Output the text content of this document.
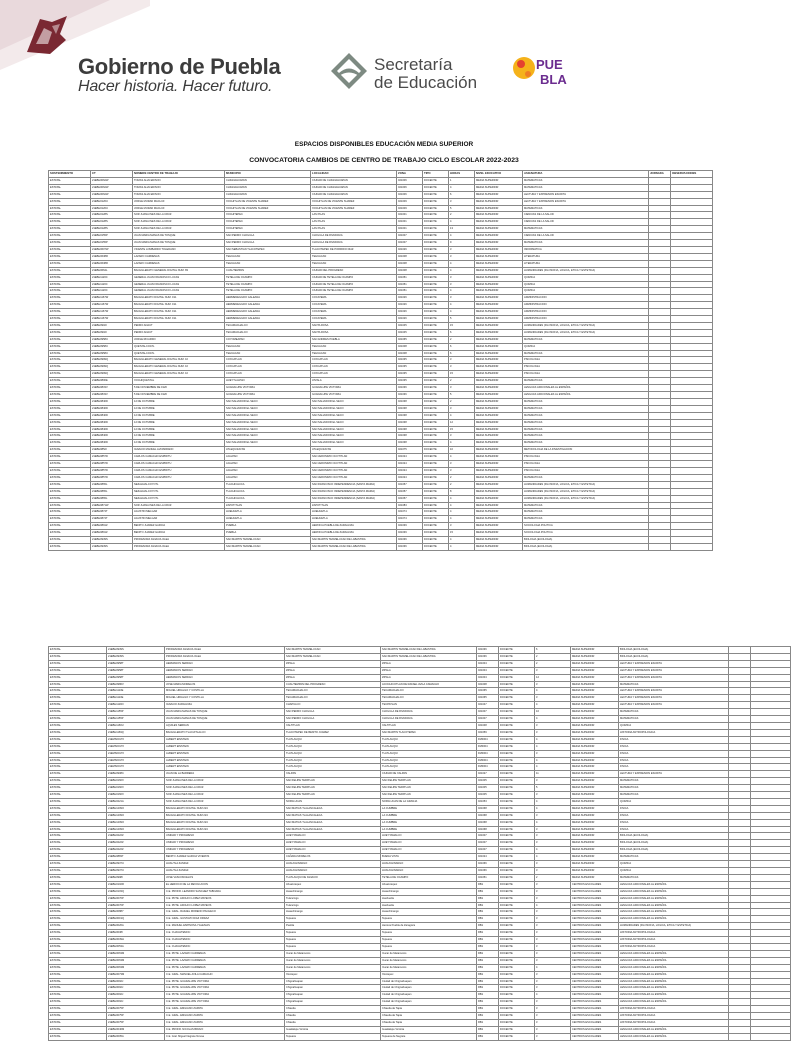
Gobierno de Puebla
Hacer historia. Hacer futuro.
Secretaría
de Educación
PUE
BLA
ESPACIOS DISPONIBLES EDUCACIÓN MEDIA SUPERIOR
CONVOCATORIA CAMBIOS DE CENTRO DE TRABAJO CICLO ESCOLAR 2022-2023
SOSTENIMIENTO	CT	NOMBRE CENTRO DE TRABAJO	MUNICIPIO	LOCALIDAD	ZONA	TIPO	HORAS	NIVEL EDUCATIVO	ASIGNATURA	JORNADA	OBSERVACIONES
ESTATAL	21EBH0062W	TOMAS ALVA EDISON	CHIGNAHUAPAN	CIUDAD DE CHIGNAHUAPAN	021006	DOCENTE	1	MEDIA SUPERIOR	MATEMATICAS		
ESTATAL	21EBH0062W	TOMAS ALVA EDISON	CHIGNAHUAPAN	CIUDAD DE CHIGNAHUAPAN	021006	DOCENTE	4	MEDIA SUPERIOR	MATEMATICAS		
ESTATAL	21EBH0062W	TOMAS ALVA EDISON	CHIGNAHUAPAN	CIUDAD DE CHIGNAHUAPAN	021006	DOCENTE	6	MEDIA SUPERIOR	LECTURA Y EXPRESION ESCRITA		
ESTATAL	21EBH0126U	JORGE MURAD MACLUF	XOCHITLAN DE VICENTE SUAREZ	XOCHITLAN DE VICENTE SUAREZ	021009	DOCENTE	3	MEDIA SUPERIOR	LECTURA Y EXPRESION ESCRITA		
ESTATAL	21EBH0126U	JORGE MURAD MACLUF	XOCHITLAN DE VICENTE SUAREZ	XOCHITLAN DE VICENTE SUAREZ	021009	DOCENTE	5	MEDIA SUPERIOR	MATEMATICAS		
ESTATAL	21EBH0128S	SOR JUANA INES DE LA CRUZ	XOCHITEPEC	LAS PILAS	021001	DOCENTE	2	MEDIA SUPERIOR	CIENCIAS DE LA SALUD		
ESTATAL	21EBH0128S	SOR JUANA INES DE LA CRUZ	XOCHITEPEC	LAS PILAS	021001	DOCENTE	4	MEDIA SUPERIOR	CIENCIAS DE LA SALUD		
ESTATAL	21EBH0128S	SOR JUANA INES DE LA CRUZ	XOCHITEPEC	LAS PILAS	021001	DOCENTE	13	MEDIA SUPERIOR	MATEMATICAS		
ESTATAL	21EBH0155P	JUAN MARIA MANAS DE TOSQUE	SAN PEDRO CHOLULA	CHOLULA DE RIVADAVIA	021007	DOCENTE	4	MEDIA SUPERIOR	CIENCIAS DE LA SALUD		
ESTATAL	21EBH0155P	JUAN MARIA MANAS DE TOSQUE	SAN PEDRO CHOLULA	CHOLULA DE RIVADAVIA	021007	DOCENTE	9	MEDIA SUPERIOR	MATEMATICAS		
ESTATAL	21EBH0607W	VICENTE LOMBARDO TOLEDANO	SAN SEBASTIAN TLACOTEPEC	TLACOTEPEC DE PORFIRIO DIAZ	021026	DOCENTE	3	MEDIA SUPERIOR	INFORMATICA		
ESTATAL	21EBH0638R	LAZARO CARDENAS	TEHUACAN	TEHUACAN	021008	DOCENTE	3	MEDIA SUPERIOR	LITERATURA		
ESTATAL	21EBH0638R	LAZARO CARDENAS	TEHUACAN	TEHUACAN	021008	DOCENTE	4	MEDIA SUPERIOR	LITERATURA		
ESTATAL	21EBH0664L	BACHILLERATO GENERAL DIGITAL NUM. 83	CUAUTEMPAN	CIUDAD DEL PROGRESO	021008	DOCENTE	4	MEDIA SUPERIOR	HUMANIDADES (FILOSOFIA, LOGICA, ETICA Y ESTETICA)		
ESTATAL	21EBH1120C	GENERAL JUAN FRANCISCO LUCAS	TETELA DE OCAMPO	CIUDAD DE TETELA DE OCAMPO	021051	DOCENTE	3	MEDIA SUPERIOR	QUIMICA		
ESTATAL	21EBH1120C	GENERAL JUAN FRANCISCO LUCAS	TETELA DE OCAMPO	CIUDAD DE TETELA DE OCAMPO	021051	DOCENTE	3	MEDIA SUPERIOR	QUIMICA		
ESTATAL	21EBH1120C	GENERAL JUAN FRANCISCO LUCAS	TETELA DE OCAMPO	CIUDAD DE TETELA DE OCAMPO	021051	DOCENTE	4	MEDIA SUPERIOR	QUIMICA		
ESTATAL	21EBH1167W	BACHILLERATO DIGITAL NUM. 191	HERMENEGILDO GALEANA	COCATEMA	021026	DOCENTE	3	MEDIA SUPERIOR	ADMINISTRACION		
ESTATAL	21EBH1167W	BACHILLERATO DIGITAL NUM. 191	HERMENEGILDO GALEANA	COCATEMA	021026	DOCENTE	4	MEDIA SUPERIOR	ADMINISTRACION		
ESTATAL	21EBH1167W	BACHILLERATO DIGITAL NUM. 191	HERMENEGILDO GALEANA	COCATEMA	021026	DOCENTE	4	MEDIA SUPERIOR	ADMINISTRACION		
ESTATAL	21EBH1167W	BACHILLERATO DIGITAL NUM. 191	HERMENEGILDO GALEANA	COCATEMA	021026	DOCENTE	5	MEDIA SUPERIOR	ADMINISTRACION		
ESTATAL	21EBH0902I	PEDRO ANAUT	TECAMACHALCO	SANTA ROSA	021045	DOCENTE	15	MEDIA SUPERIOR	HUMANIDADES (FILOSOFIA, LOGICA, ETICA Y ESTETICA)		
ESTATAL	21EBH0902I	PEDRO ANAUT	TECAMACHALCO	SANTA ROSA	021045	DOCENTE	6	MEDIA SUPERIOR	HUMANIDADES (FILOSOFIA, LOGICA, ETICA Y ESTETICA)		
ESTATAL	21EBH0958U	JORGE RICARDO	COYOMEAPAN	SAN ANDRES PUEBLA	021065	DOCENTE	2	MEDIA SUPERIOR	MATEMATICAS		
ESTATAL	21EBH0958U	QUETZALCOATL	TEHUACAN	TEHUACAN	021008	DOCENTE	6	MEDIA SUPERIOR	QUIMICA		
ESTATAL	21EBH0958U	QUETZALCOATL	TEHUACAN	TEHUACAN	021008	DOCENTE	6	MEDIA SUPERIOR	MATEMATICAS		
ESTATAL	21EBH0999Q	BACHILLERATO GENERAL DIGITAL NUM. 10	COXCATLAN	COXCATLAN	021035	DOCENTE	3	MEDIA SUPERIOR	PSICOLOGIA		
ESTATAL	21EBH0999Q	BACHILLERATO GENERAL DIGITAL NUM. 10	COXCATLAN	COXCATLAN	021035	DOCENTE	3	MEDIA SUPERIOR	PSICOLOGIA		
ESTATAL	21EBH0999Q	BACHILLERATO GENERAL DIGITAL NUM. 10	COXCATLAN	COXCATLAN	021035	DOCENTE	15	MEDIA SUPERIOR	PSICOLOGIA		
ESTATAL	21EBH0800E	XOCHIQUETZAL	HUEYTLALPAN	ATZALA	021035	DOCENTE	2	MEDIA SUPERIOR	MATEMATICAS		
ESTATAL	21EBH0833V	5 DE NOVIEMBRE DE 1920	GUADALUPE VICTORIA	GUADALUPE VICTORIA	021036	DOCENTE	3	MEDIA SUPERIOR	LENGUAS ADICIONALES AL ESPAÑOL		
ESTATAL	21EBH0833V	5 DE NOVIEMBRE DE 1920	GUADALUPE VICTORIA	GUADALUPE VICTORIA	021036	DOCENTE	5	MEDIA SUPERIOR	LENGUAS ADICIONALES AL ESPAÑOL		
ESTATAL	21EBH0840D	12 DE OCTUBRE	SAN SALVADOR EL SECO	SAN SALVADOR EL SECO	021038	DOCENTE	2	MEDIA SUPERIOR	MATEMATICAS		
ESTATAL	21EBH0840D	12 DE OCTUBRE	SAN SALVADOR EL SECO	SAN SALVADOR EL SECO	021038	DOCENTE	3	MEDIA SUPERIOR	MATEMATICAS		
ESTATAL	21EBH0840D	12 DE OCTUBRE	SAN SALVADOR EL SECO	SAN SALVADOR EL SECO	021038	DOCENTE	4	MEDIA SUPERIOR	MATEMATICAS		
ESTATAL	21EBH0840D	12 DE OCTUBRE	SAN SALVADOR EL SECO	SAN SALVADOR EL SECO	021038	DOCENTE	12	MEDIA SUPERIOR	MATEMATICAS		
ESTATAL	21EBH0840D	12 DE OCTUBRE	SAN SALVADOR EL SECO	SAN SALVADOR EL SECO	021038	DOCENTE	15	MEDIA SUPERIOR	MATEMATICAS		
ESTATAL	21EBH0840D	12 DE OCTUBRE	SAN SALVADOR EL SECO	SAN SALVADOR EL SECO	021038	DOCENTE	3	MEDIA SUPERIOR	MATEMATICAS		
ESTATAL	21EBH0840D	12 DE OCTUBRE	SAN SALVADOR EL SECO	SAN SALVADOR EL SECO	021038	DOCENTE	4	MEDIA SUPERIOR	MATEMATICAS		
ESTATAL	21EBH0852I	IGNACIO MANUEL ALTAMIRANO	ATLEQUIZAYAN	ATLEQUIZAYAN	021075	DOCENTE	10	MEDIA SUPERIOR	METODOLOGIA DE LA INVESTIGACION		
ESTATAL	21EBH0857D	CARLOS CAMACHO ESPIRITU	AJALPAN	SAN JERONIMO OCOTITLAN	021024	DOCENTE	4	MEDIA SUPERIOR	PSICOLOGIA		
ESTATAL	21EBH0857D	CARLOS CAMACHO ESPIRITU	AJALPAN	SAN JERONIMO OCOTITLAN	021024	DOCENTE	3	MEDIA SUPERIOR	PSICOLOGIA		
ESTATAL	21EBH0857D	CARLOS CAMACHO ESPIRITU	AJALPAN	SAN JERONIMO OCOTITLAN	021024	DOCENTE	3	MEDIA SUPERIOR	PSICOLOGIA		
ESTATAL	21EBH0857D	CARLOS CAMACHO ESPIRITU	AJALPAN	SAN JERONIMO OCOTITLAN	021024	DOCENTE	2	MEDIA SUPERIOR	MATEMATICAS		
ESTATAL	21EBH0865L	NEZAHUALCOYOTL	TLACHICHUCA	SAN FRANCISCO INDEPENDENCIA (SANTA MARIA)	021057	DOCENTE	2	MEDIA SUPERIOR	HUMANIDADES (FILOSOFIA, LOGICA, ETICA Y ESTETICA)		
ESTATAL	21EBH0865L	NEZAHUALCOYOTL	TLACHICHUCA	SAN FRANCISCO INDEPENDENCIA (SANTA MARIA)	021057	DOCENTE	8	MEDIA SUPERIOR	HUMANIDADES (FILOSOFIA, LOGICA, ETICA Y ESTETICA)		
ESTATAL	21EBH0865L	NEZAHUALCOYOTL	TLACHICHUCA	SAN FRANCISCO INDEPENDENCIA (SANTA MARIA)	021057	DOCENTE	4	MEDIA SUPERIOR	HUMANIDADES (FILOSOFIA, LOGICA, ETICA Y ESTETICA)		
ESTATAL	21EBH0871W	SOR JUANA INES DE LA CRUZ	ZAPOTITLAN	ZAPOTITLAN	021083	DOCENTE	4	MEDIA SUPERIOR	MATEMATICAS		
ESTATAL	21EBH0874T	AGUSTIN MELGAR	HUEHUETLA	HUEHUETLA	021074	DOCENTE	4	MEDIA SUPERIOR	MATEMATICAS		
ESTATAL	21EBH0874T	AGUSTIN MELGAR	HUEHUETLA	HUEHUETLA	021074	DOCENTE	4	MEDIA SUPERIOR	MATEMATICAS		
ESTATAL	21EBH0891Z	BENITO JUAREZ GARCIA	PUEBLA	HEROICA PUEBLA DE ZARAGOZA	021039	DOCENTE	3	MEDIA SUPERIOR	SOCIOLOGIA POLITICA		
ESTATAL	21EBH0891Z	BENITO JUAREZ GARCIA	PUEBLA	HEROICA PUEBLA DE ZARAGOZA	021039	DOCENTE	15	MEDIA SUPERIOR	SOCIOLOGIA POLITICA		
ESTATAL	21EBH0939S	PROFESORA IGNACIA OLEA	SAN MARTIN TEXMELUCAN	SAN MARTIN TEXMELUCAN DE LABASTIDA	021036	DOCENTE	4	MEDIA SUPERIOR	BIOLOGIA (ECOLOGIA)		
ESTATAL	21EBH0939S	PROFESORA IGNACIA OLEA	SAN MARTIN TEXMELUCAN	SAN MARTIN TEXMELUCAN DE LABASTIDA	021036	DOCENTE	4	MEDIA SUPERIOR	BIOLOGIA (ECOLOGIA)		
ESTATAL	21EBH0939S	PROFESORA IGNACIA OLEA	SAN MARTIN TEXMELUCAN	SAN MARTIN TEXMELUCAN DE LABASTIDA	021036	DOCENTE	6	MEDIA SUPERIOR	BIOLOGIA (ECOLOGIA)		
ESTATAL	21EBH0939S	PROFESORA IGNACIA OLEA	SAN MARTIN TEXMELUCAN	SAN MARTIN TEXMELUCAN DE LABASTIDA	021036	DOCENTE	2	MEDIA SUPERIOR	BIOLOGIA (ECOLOGIA)		
ESTATAL	21EBH0958T	HERMANOS SERDAN	ZIPALA	ZIPALA	021004	DOCENTE	2	MEDIA SUPERIOR	LECTURA Y EXPRESION ESCRITA		
ESTATAL	21EBH0958T	HERMANOS SERDAN	ZIPALA	ZIPALA	021004	DOCENTE	3	MEDIA SUPERIOR	LECTURA Y EXPRESION ESCRITA		
ESTATAL	21EBH0958T	HERMANOS SERDAN	ZIPALA	ZIPALA	021004	DOCENTE	12	MEDIA SUPERIOR	LECTURA Y EXPRESION ESCRITA		
ESTATAL	21EBH0986V	JOSE MARIA MORELOS	CUAUTEMPAN DEL PROGRESO	ACOCHICOTLAN DE RAFAEL AVILA CAMACHO	021008	DOCENTE	3	MEDIA SUPERIOR	MATEMATICAS		
ESTATAL	21EBH1113E	MIGUEL HIDALGO Y COSTILLA	TECAMACHALCO	TECAMACHALCO	021065	DOCENTE	4	MEDIA SUPERIOR	LECTURA Y EXPRESION ESCRITA		
ESTATAL	21EBH1113E	MIGUEL HIDALGO Y COSTILLA	TECAMACHALCO	TECAMACHALCO	021065	DOCENTE	3	MEDIA SUPERIOR	LECTURA Y EXPRESION ESCRITA		
ESTATAL	21EBH1119O	IGNACIO ZARAGOZA	CHAPULCO	TECPATLAN	021047	DOCENTE	4	MEDIA SUPERIOR	LECTURA Y EXPRESION ESCRITA		
ESTATAL	21EBH1155P	JUAN MARIA MANAS DE TOSQUE	SAN PEDRO CHOLULA	CHOLULA DE RIVADAVIA	021007	DOCENTE	10	MEDIA SUPERIOR	MATEMATICAS		
ESTATAL	21EBH1155P	JUAN MARIA MANAS DE TOSQUE	SAN PEDRO CHOLULA	CHOLULA DE RIVADAVIA	021007	DOCENTE	4	MEDIA SUPERIOR	MATEMATICAS		
ESTATAL	21EBH1166U	AQUILES SERDAN	XALTITLAN	XALTITLAN	021048	DOCENTE	3	MEDIA SUPERIOR	QUIMICA		
ESTATAL	21EBH1169Q	BACHILLERATO TLACUITLALCO	TLACOTEPEC DE BENITO JUAREZ	SAN MARTIN TLACOTEPEC	021059	DOCENTE	3	MEDIA SUPERIOR	HISTORIA ANTROPOLOGICA		
ESTATAL	21EMS0017X	ALBERT EINSTEIN	TLATLAUQUI	TLATLAUQUI	FM0004	DOCENTE	4	MEDIA SUPERIOR	FISICA		
ESTATAL	21EMS0017X	ALBERT EINSTEIN	TLATLAUQUI	TLATLAUQUI	FM0004	DOCENTE	4	MEDIA SUPERIOR	FISICA		
ESTATAL	21EMS0017X	ALBERT EINSTEIN	TLATLAUQUI	TLATLAUQUI	FM0004	DOCENTE	3	MEDIA SUPERIOR	FISICA		
ESTATAL	21EMS0017X	ALBERT EINSTEIN	TLATLAUQUI	TLATLAUQUI	FM0004	DOCENTE	4	MEDIA SUPERIOR	FISICA		
ESTATAL	21EMS0017X	ALBERT EINSTEIN	TLATLAUQUI	TLATLAUQUI	FM0004	DOCENTE	4	MEDIA SUPERIOR	FISICA		
ESTATAL	21EBH0908C	JUAN DE LA BARRERA	XALPAN	CIUDAD DE XALPAN	021027	DOCENTE	11	MEDIA SUPERIOR	LECTURA Y EXPRESION ESCRITA		
ESTATAL	21EBH0160X	SOR JUANA INES DE LA CRUZ	SAN FELIPE TEPATLAN	SAN FELIPE TEPATLAN	021005	DOCENTE	3	MEDIA SUPERIOR	MATEMATICAS		
ESTATAL	21EBH0160X	SOR JUANA INES DE LA CRUZ	SAN FELIPE TEPATLAN	SAN FELIPE TEPATLAN	021005	DOCENTE	5	MEDIA SUPERIOR	MATEMATICAS		
ESTATAL	21EBH0160X	SOR JUANA INES DE LA CRUZ	SAN FELIPE TEPATLAN	SAN FELIPE TEPATLAN	021005	DOCENTE	3	MEDIA SUPERIOR	MATEMATICAS		
ESTATAL	21EBH0221A	SOR JUANA INES DE LA CRUZ	NOPALUCAN	NOPALUCAN DE LA GRANJA	021053	DOCENTE	4	MEDIA SUPERIOR	QUIMICA		
ESTATAL	21EBH1209O	BACHILLERATO DIGITAL NUM 224	SAN MATIAS TLALANCALECA	LA CUMBRE	021068	DOCENTE	4	MEDIA SUPERIOR	FISICA		
ESTATAL	21EBH1209O	BACHILLERATO DIGITAL NUM 224	SAN MATIAS TLALANCALECA	LA CUMBRE	021068	DOCENTE	3	MEDIA SUPERIOR	FISICA		
ESTATAL	21EBH1209O	BACHILLERATO DIGITAL NUM 224	SAN MATIAS TLALANCALECA	LA CUMBRE	021068	DOCENTE	4	MEDIA SUPERIOR	FISICA		
ESTATAL	21EBH1209O	BACHILLERATO DIGITAL NUM 224	SAN MATIAS TLALANCALECA	LA CUMBRE	021068	DOCENTE	3	MEDIA SUPERIOR	FISICA		
ESTATAL	21EBH0222Z	UNIDAD Y PROGRESO	HUEYTAMALCO	HUEYTAMALCO	021007	DOCENTE	3	MEDIA SUPERIOR	BIOLOGIA (ECOLOGIA)		
ESTATAL	21EBH0222Z	UNIDAD Y PROGRESO	HUEYTAMALCO	HUEYTAMALCO	021007	DOCENTE	3	MEDIA SUPERIOR	BIOLOGIA (ECOLOGIA)		
ESTATAL	21EBH0222Z	UNIDAD Y PROGRESO	HUEYTAMALCO	HUEYTAMALCO	021007	DOCENTE	4	MEDIA SUPERIOR	BIOLOGIA (ECOLOGIA)		
ESTATAL	21EBH0883T	BENITO JUAREZ GARCIA VIVEROS	CAÑADA MORELOS	BUENA VISTA	021024	DOCENTE	4	MEDIA SUPERIOR	MATEMATICAS		
ESTATAL	21EBH0937U	HUAUTLA ZANDHI	HUAUCHINANGO	HUAUCHINANGO	021066	DOCENTE	3	MEDIA SUPERIOR	QUIMICA		
ESTATAL	21EBH0937U	HUAUTLA ZANDHI	HUAUCHINANGO	HUAUCHINANGO	021066	DOCENTE	3	MEDIA SUPERIOR	QUIMICA		
ESTATAL	21EBH0998I	JOSE VASCONCELOS	TLATLAUQUI DE IGNACIO	TETELA DE OCAMPO	021051	DOCENTE	2	MEDIA SUPERIOR	MATEMATICAS		
ESTATAL	21EBH0102R	EL HEROICO DE LA REVOLUCION	Ahuazotepec	Ahuazotepec	RB1	DOCENTE	3	CENTROS ESCOLARES	LENGUAS ADICIONALES AL ESPAÑOL		
ESTATAL	21EBH0103Q	C.E. PROFR. LEANDRO SANCHEZ TABOADA	Huauchinango	Huauchinango	RB1	DOCENTE	3	CENTROS ESCOLARES	LENGUAS ADICIONALES AL ESPAÑOL		
ESTATAL	21EBH0070P	C.E. PDTE. ADOLFO LOPEZ MATEOS	Tulancingo	Huehuetla	RB1	DOCENTE	3	CENTROS ESCOLARES	LENGUAS ADICIONALES AL ESPAÑOL		
ESTATAL	21EBH0070P	C.E. PDTE. ADOLFO LOPEZ MATEOS	Tulancingo	Huehuetla	RB1	DOCENTE	4	CENTROS ESCOLARES	LENGUAS ADICIONALES AL ESPAÑOL		
ESTATAL	21EBH0088Y	C.E. GRAL. RAFAEL MORENO PACHECO	Huauchinango	Huauchinango	RB1	DOCENTE	3	CENTROS ESCOLARES	LENGUAS ADICIONALES AL ESPAÑOL		
ESTATAL	21EBH0019Q	C.E. GRAL. GUSTAVO DIAZ ORDAZ	Tepeaca	Tepeaca	RB1	DOCENTE	3	CENTROS ESCOLARES	LENGUAS ADICIONALES AL ESPAÑOL		
ESTATAL	21EBH0026A	C.E. MANUEL ESPINOSA YGLESIAS	Puebla	Heroica Puebla de Zaragoza	RB1	DOCENTE	3	CENTROS ESCOLARES	HUMANIDADES (FILOSOFIA, LOGICA, ETICA Y ESTETICA)		
ESTATAL	21EBH0038I	C.E. CUAUHTEMOC	Tepeaca	Tepeaca	RB1	DOCENTE	3	CENTROS ESCOLARES	HISTORIA ANTROPOLOGICA		
ESTATAL	21EBH0039H	C.E. CUAUHTEMOC	Tepeaca	Tepeaca	RB1	DOCENTE	3	CENTROS ESCOLARES	HISTORIA ANTROPOLOGICA		
ESTATAL	21EBH0053A	C.E. CUAUHTEMOC	Tepeaca	Tepeaca	RB1	DOCENTE	3	CENTROS ESCOLARES	HISTORIA ANTROPOLOGICA		
ESTATAL	21EBH0063M	C.E. PDTE. LAZARO CARDENAS	Izucar de Matamoros	Izucar de Matamoros	RB1	DOCENTE	3	CENTROS ESCOLARES	LENGUAS ADICIONALES AL ESPAÑOL		
ESTATAL	21EBH0063M	C.E. PDTE. LAZARO CARDENAS	Izucar de Matamoros	Izucar de Matamoros	RB1	DOCENTE	3	CENTROS ESCOLARES	LENGUAS ADICIONALES AL ESPAÑOL		
ESTATAL	21EBH0063M	C.E. PDTE. LAZARO CARDENAS	Izucar de Matamoros	Izucar de Matamoros	RB1	DOCENTE	4	CENTROS ESCOLARES	LENGUAS ADICIONALES AL ESPAÑOL		
ESTATAL	21EBH0073M	C.E. GRAL. MANUEL AVILA CAMACHO	Xicotepec	Xicotepec	RB1	DOCENTE	3	CENTROS ESCOLARES	LENGUAS ADICIONALES AL ESPAÑOL		
ESTATAL	21EBH0092J	C.E. PDTE. GUADALUPE VICTORIA	Chignahuapan	Ciudad de Chignahuapan	RB1	DOCENTE	3	CENTROS ESCOLARES	LENGUAS ADICIONALES AL ESPAÑOL		
ESTATAL	21EBH0092J	C.E. PDTE. GUADALUPE VICTORIA	Chignahuapan	Ciudad de Chignahuapan	RB1	DOCENTE	3	CENTROS ESCOLARES	LENGUAS ADICIONALES AL ESPAÑOL		
ESTATAL	21EBH0092J	C.E. PDTE. GUADALUPE VICTORIA	Chignahuapan	Ciudad de Chignahuapan	RB1	DOCENTE	4	CENTROS ESCOLARES	LENGUAS ADICIONALES AL ESPAÑOL		
ESTATAL	21EBH0092J	C.E. PDTE. GUADALUPE VICTORIA	Chignahuapan	Ciudad de Chignahuapan	RB1	DOCENTE	3	CENTROS ESCOLARES	LENGUAS ADICIONALES AL ESPAÑOL		
ESTATAL	21EBH0075P	C.E. GRAL. EMILIANO ZAPATA	Chiautla	Chiautla de Tapia	RB1	DOCENTE	3	CENTROS ESCOLARES	HISTORIA ANTROPOLOGICA		
ESTATAL	21EBH0075P	C.E. GRAL. EMILIANO ZAPATA	Chiautla	Chiautla de Tapia	RB1	DOCENTE	3	CENTROS ESCOLARES	HISTORIA ANTROPOLOGICA		
ESTATAL	21EBH0075P	C.E. GRAL. EMILIANO ZAPATA	Chiautla	Chiautla de Tapia	RB1	DOCENTE	3	CENTROS ESCOLARES	HISTORIA ANTROPOLOGICA		
ESTATAL	21EBH0046M	C.E. PROFR. NICOLAS BRAVO	Guadalupe Victoria	Guadalupe Victoria	RB1	DOCENTE	3	CENTROS ESCOLARES	LENGUAS ADICIONALES AL ESPAÑOL		
ESTATAL	21EBH0005A	C.E. Gral. Miguel Negrete Novoa	Tepeaca	Tepeaca de Negrete	RB1	DOCENTE	3	CENTROS ESCOLARES	LENGUAS ADICIONALES AL ESPAÑOL		
